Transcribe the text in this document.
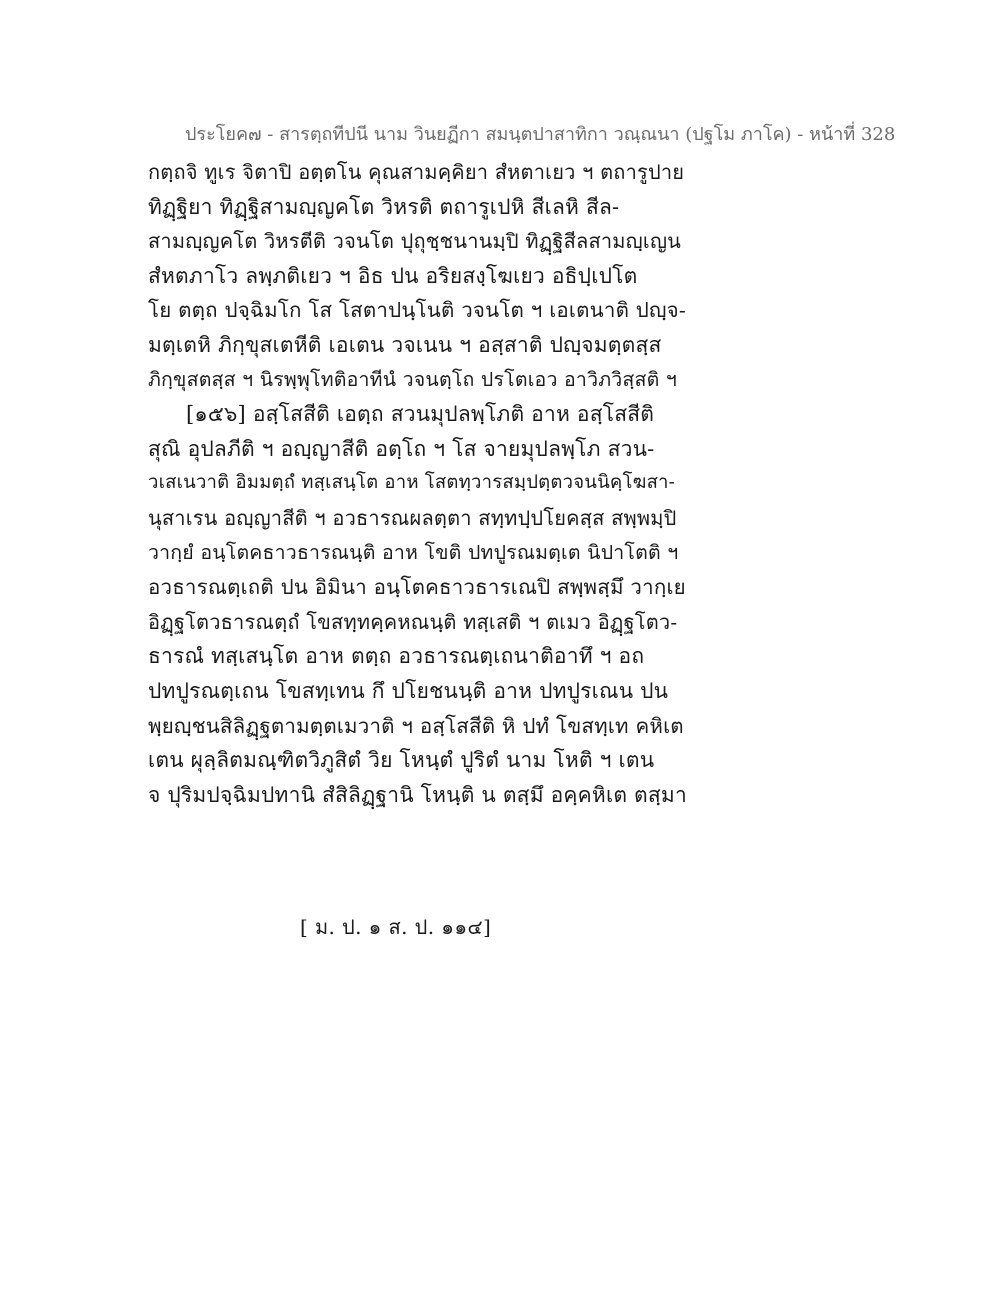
ประโยค๗ - สารตฺถทีปนี นาม วินยฏีกา สมนฺตปาสาทิกา วณฺณนา (ปฐโม ภาโค) - หน้าที่ 328
กตฺถจิ ทูเร จิตาปิ อตฺตโน คุณสามคฺคิยา สํหตาเยว ฯ ตถารูปาย
ทิฏฺฐิยา ทิฏฺฐิสามญฺญคโต วิหรติ ตถารูเปหิ สีเลหิ สีล-
สามญฺญคโต วิหรตีติ วจนโต ปุถุชฺชนานมฺปิ ทิฏฺฐิสีลสามญฺเญน
สํหตภาโว ลพฺภติเยว ฯ อิธ ปน อริยสงฺโฆเยว อธิปฺเปโต
โย ตตฺถ ปจฺฉิมโก โส โสตาปนฺโนติ วจนโต ฯ เอเตนาติ ปญฺจ-
มตฺเตหิ ภิกฺขุสเตหีติ เอเตน วจเนน ฯ อสฺสาติ ปญฺจมตฺตสฺส
ภิกฺขุสตสฺส ฯ นิรพฺพุโทติอาทีนํ วจนตฺโถ ปรโตเอว อาวิภวิสฺสติ ฯ
[๑๕๖] อสฺโสสีติ เอตฺถ สวนมุปลพฺโภติ อาห อสฺโสสีติ
สุณิ อุปลภีติ ฯ อญฺญาสีติ อตฺโถ ฯ โส จายมุปลพฺโภ สวน-
วเสเนวาติ อิมมตฺถํ ทสฺเสนฺโต อาห โสตทฺวารสมฺปตฺตวจนนิคฺโฆสา-
นุสาเรน อญฺญาสีติ ฯ อวธารณผลตฺตา สทฺทปฺปโยคสฺส สพฺพมฺปิ
วากฺยํ อนฺโตคธาวธารณนฺติ อาห โขติ ปทปูรณมตฺเต นิปาโตติ ฯ
อวธารณตฺเถติ ปน อิมินา อนฺโตคธาวธารเณปิ สพฺพสฺมึ วากฺเย
อิฏฺฐโตวธารณตฺถํ โขสทฺทคฺคหณนฺติ ทสฺเสติ ฯ ตเมว อิฏฺฐโตว-
ธารณํ ทสฺเสนฺโต อาห ตตฺถ อวธารณตฺเถนาติอาทึ ฯ อถ
ปทปูรณตฺเถน โขสทฺเทน กึ ปโยชนนฺติ อาห ปทปูรเณน ปน
พฺยญฺชนสิลิฏฺฐตามตฺตเมวาติ ฯ อสฺโสสีติ หิ ปทํ โขสทฺเท คหิเต
เตน ผุลฺลิตมณฺฑิตวิภูสิตํ วิย โหนฺตํ ปูริตํ นาม โหติ ฯ เตน
จ ปุริมปจฺฉิมปทานิ สํสิลิฏฺฐานิ โหนฺติ น ตสฺมึ อคฺคหิเต ตสฺมา
[ ม. ป. ๑ ส. ป. ๑๑๔]
